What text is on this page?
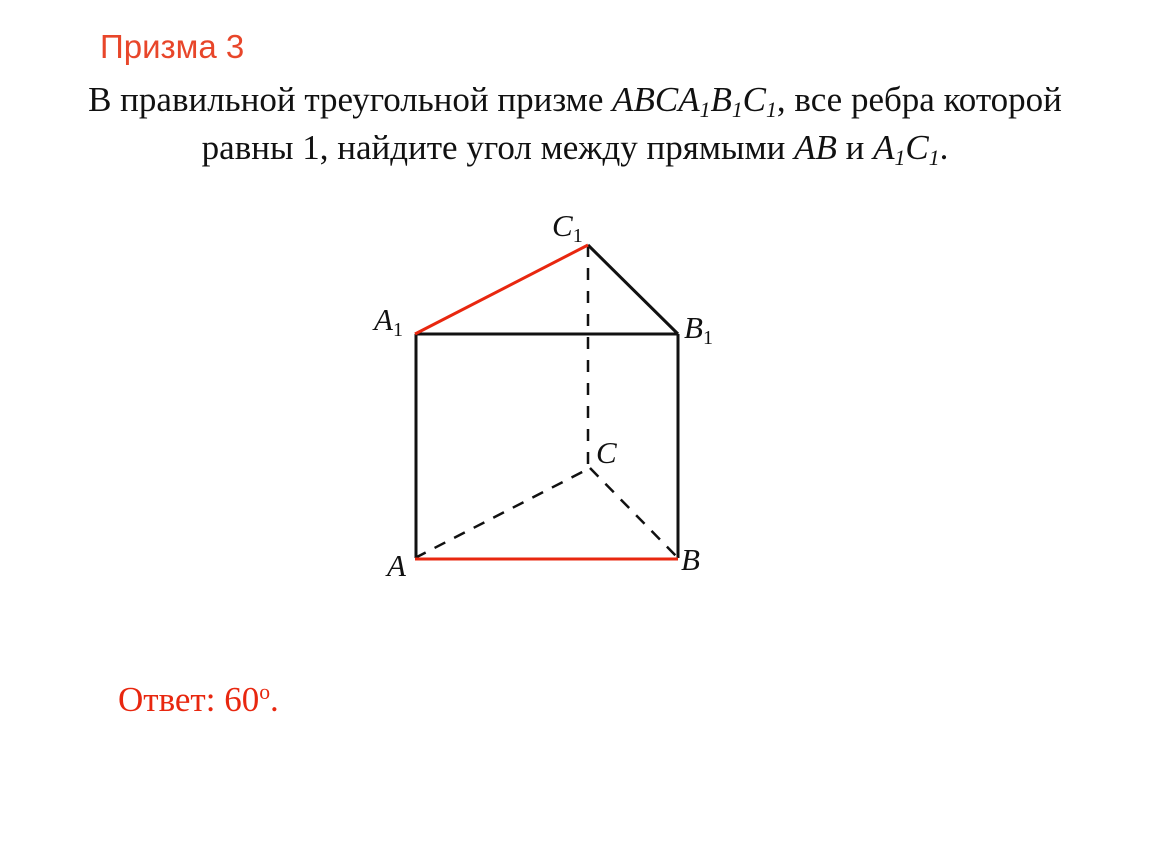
Призма 3
В правильной треугольной призме $ABCA_1B_1C_1$, все ребра которой
равны 1, найдите угол между прямыми AB и $A_1C_1$.
C1
A1	B1
C
A	B
Ответ: 60$^o$.
